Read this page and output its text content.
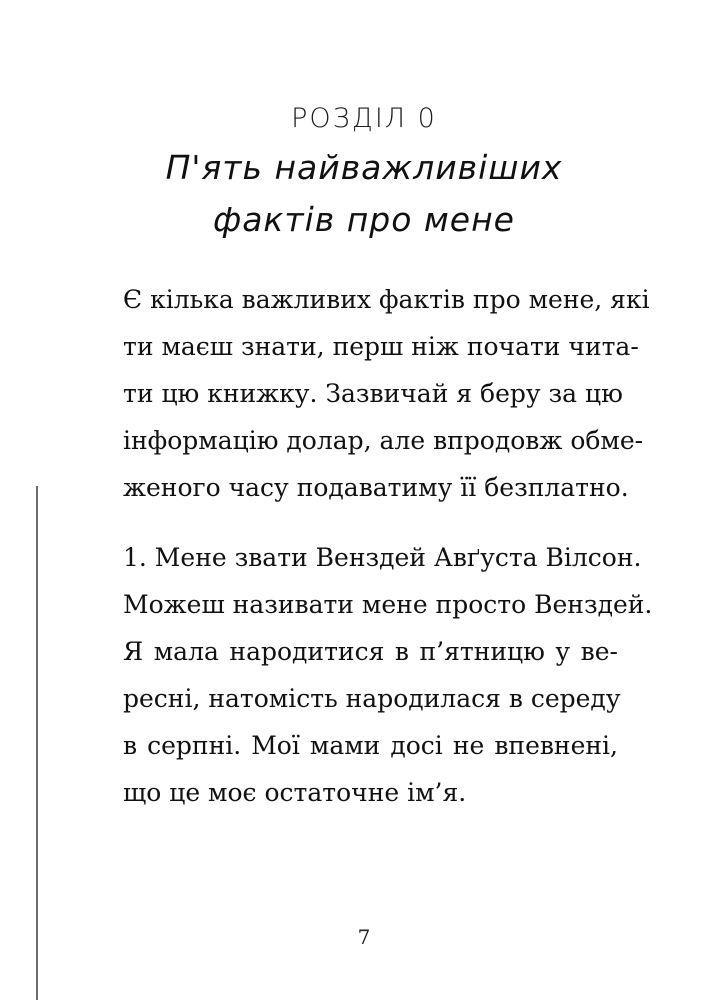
РОЗДІЛ 0
П'ять найважливіших
фактів про мене
Є кілька важливих фактів про мене, які
ти маєш знати, перш ніж почати чита-
ти цю книжку. Зазвичай я беру за цю
інформацію долар, але впродовж обме-
женого часу подаватиму її безплатно.
1. Мене звати Венздей Авґуста Вілсон.
Можеш називати мене просто Венздей.
Я мала народитися в п’ятницю у ве-
ресні, натомість народилася в середу
в серпні. Мої мами досі не впевнені,
що це моє остаточне ім’я.
7
